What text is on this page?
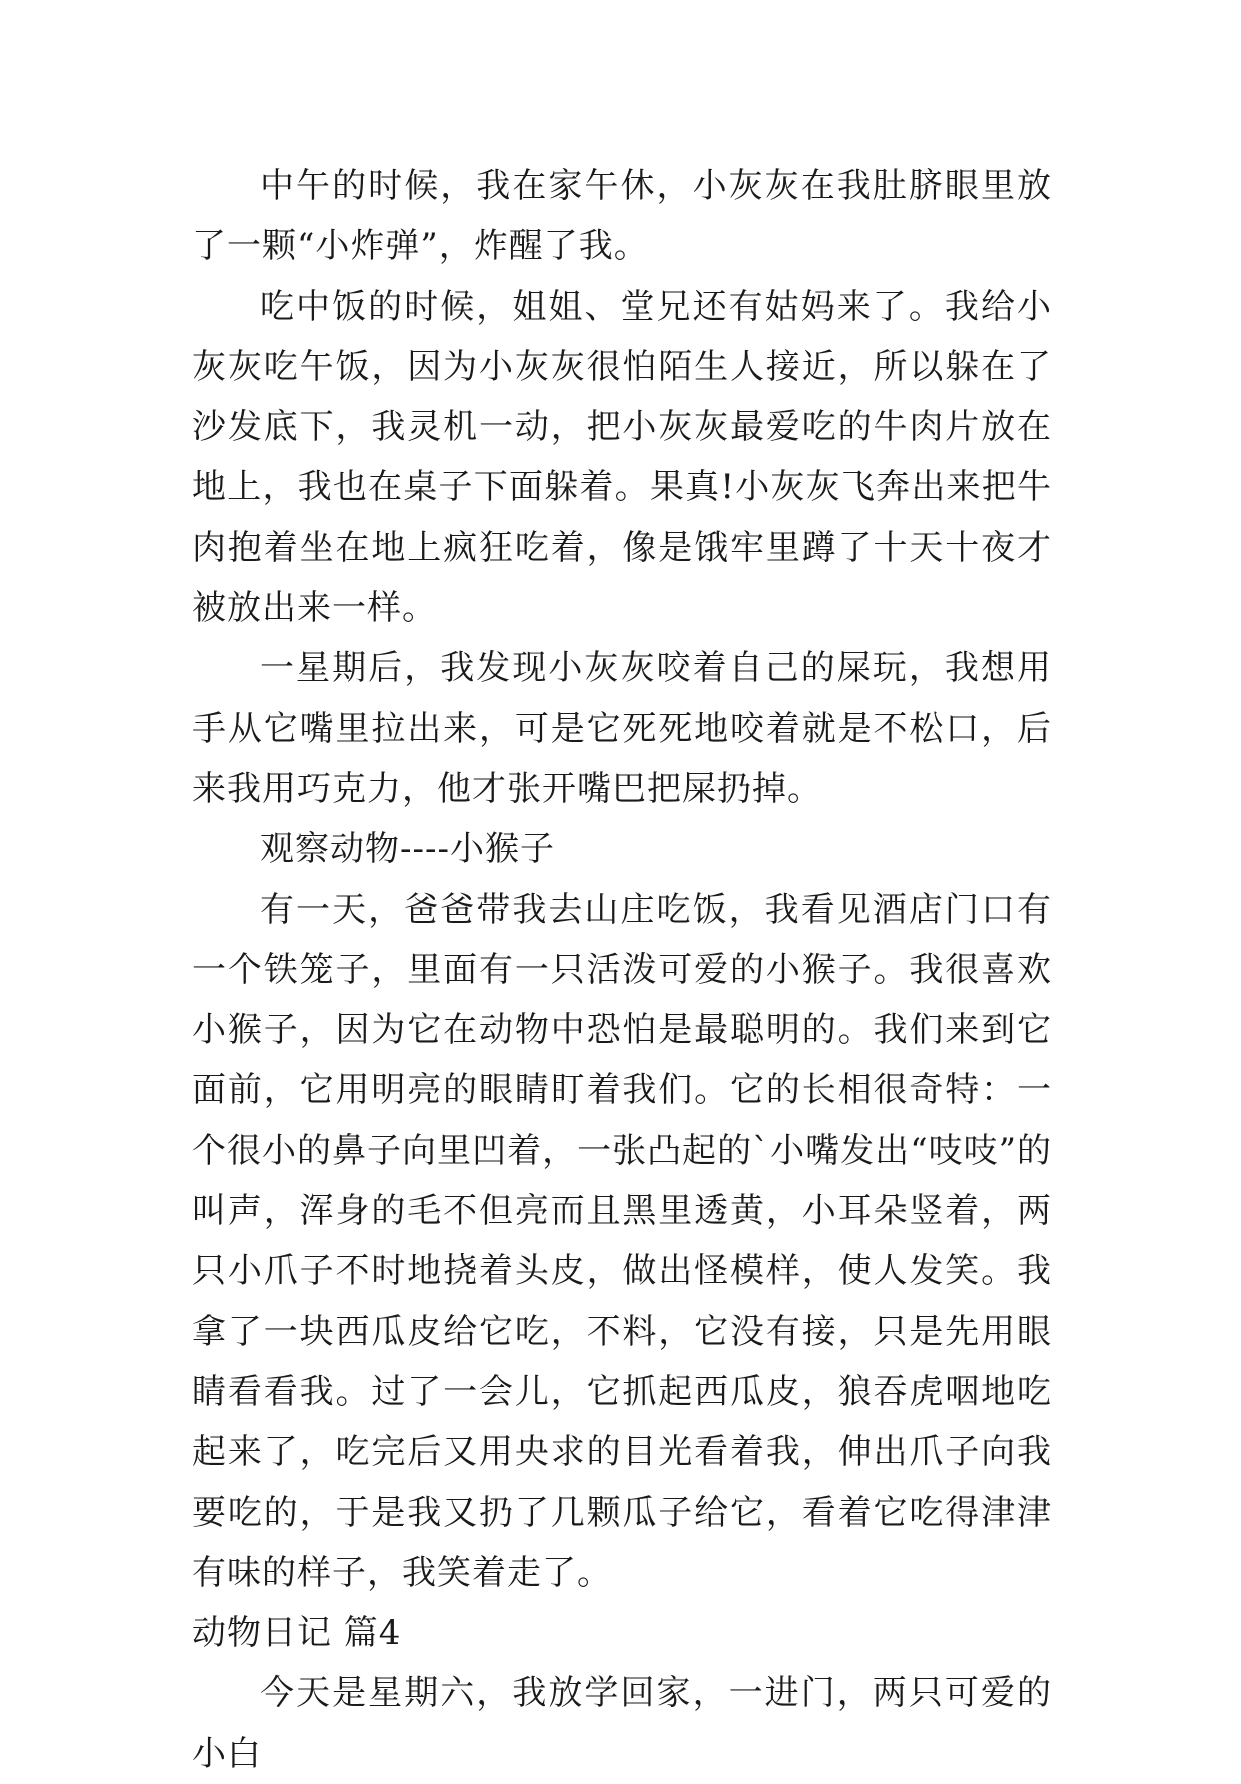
中午的时候，我在家午休，小灰灰在我肚脐眼里放了一颗“小炸弹”，炸醒了我。

吃中饭的时候，姐姐、堂兄还有姑妈来了。我给小灰灰吃午饭，因为小灰灰很怕陌生人接近，所以躲在了沙发底下，我灵机一动，把小灰灰最爱吃的牛肉片放在地上，我也在桌子下面躲着。果真!小灰灰飞奔出来把牛肉抱着坐在地上疯狂吃着，像是饿牢里蹲了十天十夜才被放出来一样。

一星期后，我发现小灰灰咬着自己的屎玩，我想用手从它嘴里拉出来，可是它死死地咬着就是不松口，后来我用巧克力，他才张开嘴巴把屎扔掉。

观察动物----小猴子

有一天，爸爸带我去山庄吃饭，我看见酒店门口有一个铁笼子，里面有一只活泼可爱的小猴子。我很喜欢小猴子，因为它在动物中恐怕是最聪明的。我们来到它面前，它用明亮的眼睛盯着我们。它的长相很奇特：一个很小的鼻子向里凹着，一张凸起的`小嘴发出“吱吱”的叫声，浑身的毛不但亮而且黑里透黄，小耳朵竖着，两只小爪子不时地挠着头皮，做出怪模样，使人发笑。我拿了一块西瓜皮给它吃，不料，它没有接，只是先用眼睛看看我。过了一会儿，它抓起西瓜皮，狼吞虎咽地吃起来了，吃完后又用央求的目光看着我，伸出爪子向我要吃的，于是我又扔了几颗瓜子给它，看着它吃得津津有味的样子，我笑着走了。

动物日记 篇4

今天是星期六，我放学回家，一进门，两只可爱的小白
